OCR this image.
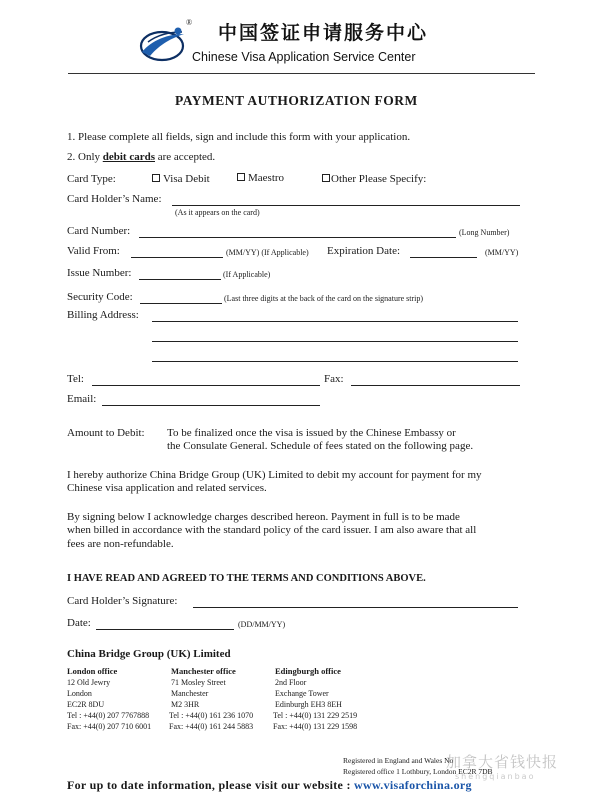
® 中国签证申请服务中心
Chinese Visa Application Service Center
PAYMENT AUTHORIZATION FORM
1. Please complete all fields, sign and include this form with your application.
2. Only debit cards are accepted.
Card Type:	Visa Debit	Maestro	Other Please Specify:
Card Holder’s Name:
(As it appears on the card)
Card Number:	(Long Number)
Valid From:	(MM/YY) (If Applicable) Expiration Date:	(MM/YY)
Issue Number:	(If Applicable)
Security Code:	(Last three digits at the back of the card on the signature strip)
Billing Address:
Tel:	Fax:
Email:
Amount to Debit: To be finalized once the visa is issued by the Chinese Embassy or
the Consulate General. Schedule of fees stated on the following page.
I hereby authorize China Bridge Group (UK) Limited to debit my account for payment for my
Chinese visa application and related services.
By signing below I acknowledge charges described hereon. Payment in full is to be made
when billed in accordance with the standard policy of the card issuer. I am also aware that all
fees are non-refundable.
I HAVE READ AND AGREED TO THE TERMS AND CONDITIONS ABOVE.
Card Holder’s Signature:
Date:	(DD/MM/YY)
China Bridge Group (UK) Limited
London office
12 Old Jewry
London
EC2R 8DU
Tel : +44(0) 207 7767888
Fax: +44(0) 207 710 6001
Manchester office
71 Mosley Street
Manchester
M2 3HR
Tel : +44(0) 161 236 1070
Fax: +44(0) 161 244 5883
Edingburgh office
2nd Floor
Exchange Tower
Edinburgh EH3 8EH
Tel : +44(0) 131 229 2519
Fax: +44(0) 131 229 1598
Registered in England and Wales No
Registered office 1 Lothbury, London EC2R 7DB
加拿大省钱快报
shengqianbao
For up to date information, please visit our website : www.visaforchina.org
